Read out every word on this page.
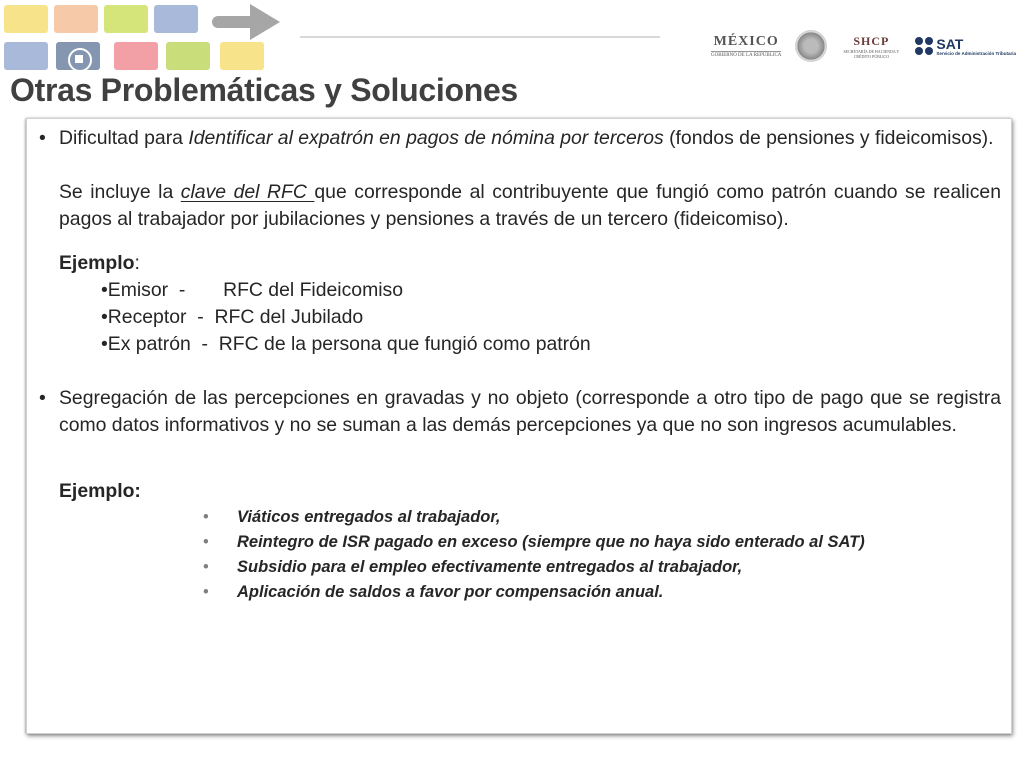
MÉXICO
GOBIERNO DE LA REPÚBLICA
SHCP
SECRETARÍA DE HACIENDA Y CRÉDITO PÚBLICO
SAT
Servicio de Administración Tributaria
Otras Problemáticas y Soluciones
• Dificultad para Identificar al expatrón en pagos de nómina por terceros (fondos de pensiones y fideicomisos).
Se incluye la clave del RFC que corresponde al contribuyente que fungió como patrón cuando se realicen pagos al trabajador por jubilaciones y pensiones a través de un tercero (fideicomiso).
Ejemplo:
•Emisor  -       RFC del Fideicomiso
•Receptor  -  RFC del Jubilado
•Ex patrón  -  RFC de la persona que fungió como patrón
• Segregación de las percepciones en gravadas y no objeto (corresponde a otro tipo de pago que se registra como datos informativos y no se suman a las demás percepciones ya que no son ingresos acumulables.
Ejemplo:
• Viáticos entregados al trabajador,
• Reintegro de ISR pagado en exceso (siempre que no haya sido enterado al SAT)
• Subsidio para el empleo efectivamente entregados al trabajador,
• Aplicación de saldos a favor por compensación anual.
